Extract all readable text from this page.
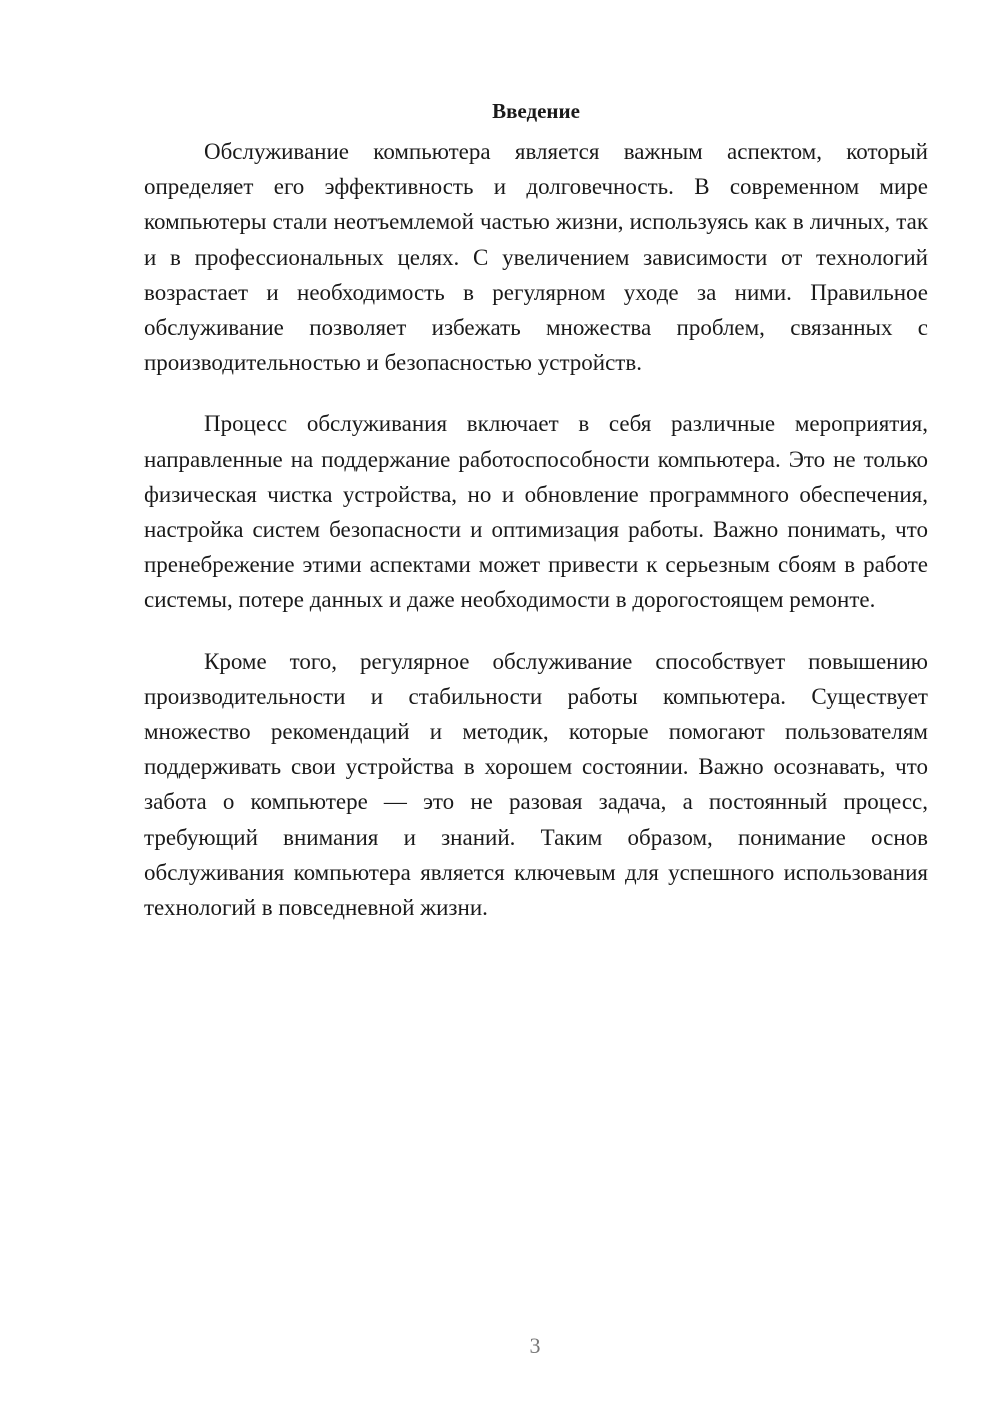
Введение

Обслуживание компьютера является важным аспектом, который определяет его эффективность и долговечность. В современном мире компьютеры стали неотъемлемой частью жизни, используясь как в личных, так и в профессиональных целях. С увеличением зависимости от технологий возрастает и необходимость в регулярном уходе за ними. Правильное обслуживание позволяет избежать множества проблем, связанных с производительностью и безопасностью устройств.

Процесс обслуживания включает в себя различные мероприятия, направленные на поддержание работоспособности компьютера. Это не только физическая чистка устройства, но и обновление программного обеспечения, настройка систем безопасности и оптимизация работы. Важно понимать, что пренебрежение этими аспектами может привести к серьезным сбоям в работе системы, потере данных и даже необходимости в дорогостоящем ремонте.

Кроме того, регулярное обслуживание способствует повышению производительности и стабильности работы компьютера. Существует множество рекомендаций и методик, которые помогают пользователям поддерживать свои устройства в хорошем состоянии. Важно осознавать, что забота о компьютере — это не разовая задача, а постоянный процесс, требующий внимания и знаний. Таким образом, понимание основ обслуживания компьютера является ключевым для успешного использования технологий в повседневной жизни.

3
